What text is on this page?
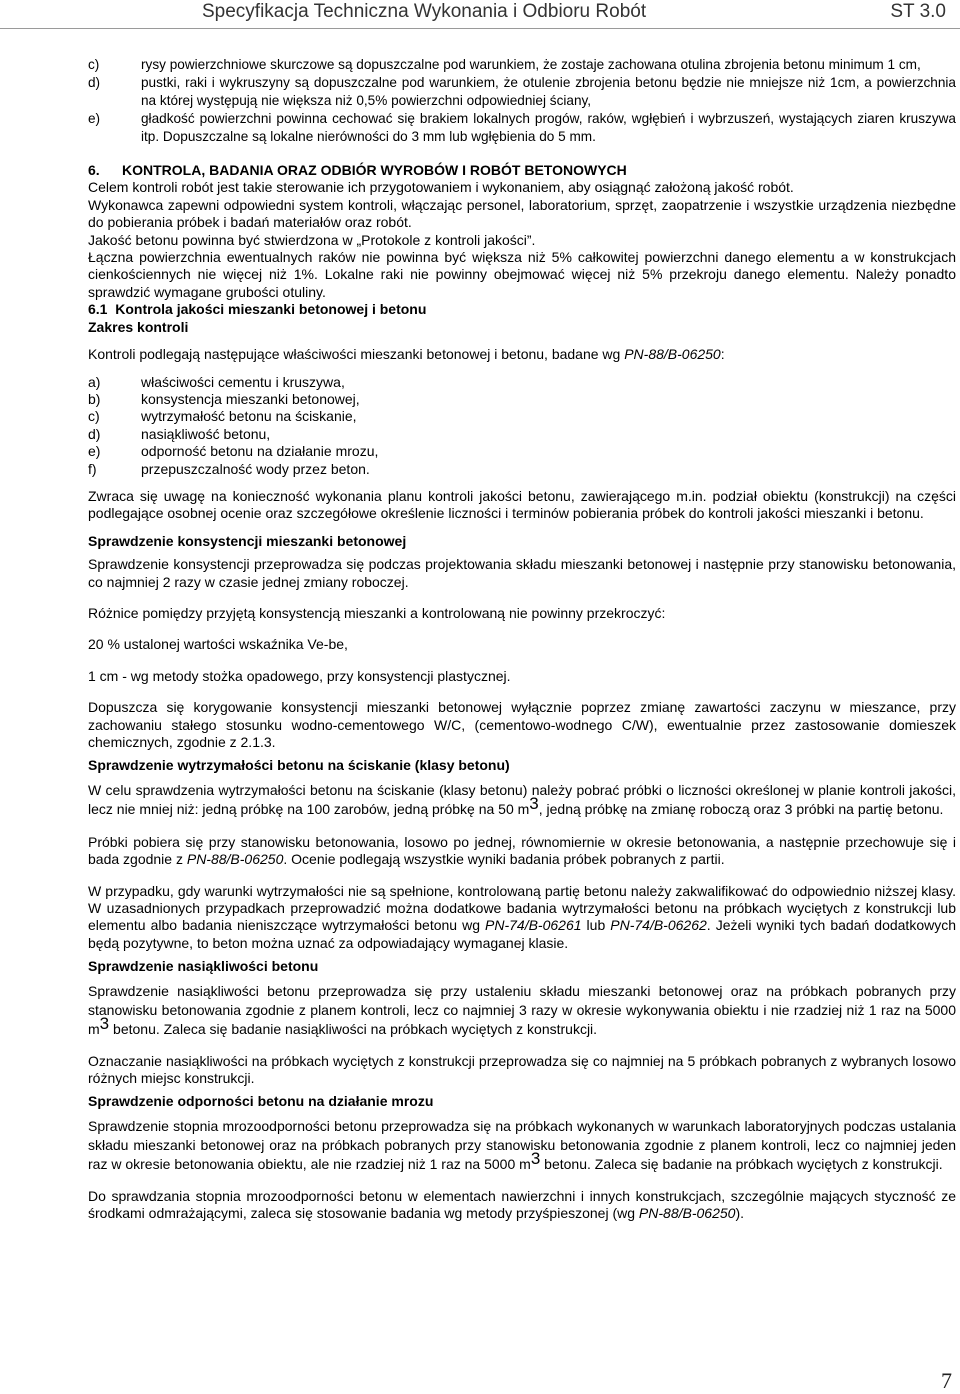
Specyfikacja Techniczna Wykonania i Odbioru Robót	ST 3.0
c)	rysy powierzchniowe skurczowe są dopuszczalne pod warunkiem, że zostaje zachowana otulina zbrojenia betonu minimum 1 cm,
d)	pustki, raki i wykruszyny są dopuszczalne pod warunkiem, że otulenie zbrojenia betonu będzie nie mniejsze niż 1cm, a powierzchnia na której występują nie większa niż 0,5% powierzchni odpowiedniej ściany,
e)	gładkość powierzchni powinna cechować się brakiem lokalnych progów, raków, wgłębień i wybrzuszeń, wystających ziaren kruszywa itp. Dopuszczalne są lokalne nierówności do 3 mm lub wgłębienia do 5 mm.
6. KONTROLA, BADANIA ORAZ ODBIÓR WYROBÓW I ROBÓT BETONOWYCH

Celem kontroli robót jest takie sterowanie ich przygotowaniem i wykonaniem, aby osiągnąć założoną jakość robót.

Wykonawca zapewni odpowiedni system kontroli, włączając personel, laboratorium, sprzęt, zaopatrzenie i wszystkie urządzenia niezbędne do pobierania próbek i badań materiałów oraz robót.

Jakość betonu powinna być stwierdzona w „Protokole z kontroli jakości”.

Łączna powierzchnia ewentualnych raków nie powinna być większa niż 5% całkowitej powierzchni danego elementu a w konstrukcjach cienkościennych nie więcej niż 1%. Lokalne raki nie powinny obejmować więcej niż 5% przekroju danego elementu. Należy ponadto sprawdzić wymagane grubości otuliny.

6.1 Kontrola jakości mieszanki betonowej i betonu
Zakres kontroli

Kontroli podlegają następujące właściwości mieszanki betonowej i betonu, badane wg PN-88/B-06250:

a)	właściwości cementu i kruszywa,
b)	konsystencja mieszanki betonowej,
c)	wytrzymałość betonu na ściskanie,
d)	nasiąkliwość betonu,
e)	odporność betonu na działanie mrozu,
f)	przepuszczalność wody przez beton.

Zwraca się uwagę na konieczność wykonania planu kontroli jakości betonu, zawierającego m.in. podział obiektu (konstrukcji) na części podlegające osobnej ocenie oraz szczegółowe określenie liczności i terminów pobierania próbek do kontroli jakości mieszanki i betonu.

Sprawdzenie konsystencji mieszanki betonowej

Sprawdzenie konsystencji przeprowadza się podczas projektowania składu mieszanki betonowej i następnie przy stanowisku betonowania, co najmniej 2 razy w czasie jednej zmiany roboczej.

Różnice pomiędzy przyjętą konsystencją mieszanki a kontrolowaną nie powinny przekroczyć:

20 % ustalonej wartości wskaźnika Ve-be,

1 cm - wg metody stożka opadowego, przy konsystencji plastycznej.

Dopuszcza się korygowanie konsystencji mieszanki betonowej wyłącznie poprzez zmianę zawartości zaczynu w mieszance, przy zachowaniu stałego stosunku wodno-cementowego W/C, (cementowo-wodnego C/W), ewentualnie przez zastosowanie domieszek chemicznych, zgodnie z 2.1.3.

Sprawdzenie wytrzymałości betonu na ściskanie (klasy betonu)

W celu sprawdzenia wytrzymałości betonu na ściskanie (klasy betonu) należy pobrać próbki o liczności określonej w planie kontroli jakości, lecz nie mniej niż: jedną próbkę na 100 zarobów, jedną próbkę na 50 $m^3$, jedną próbkę na zmianę roboczą oraz 3 próbki na partię betonu.

Próbki pobiera się przy stanowisku betonowania, losowo po jednej, równomiernie w okresie betonowania, a następnie przechowuje się i bada zgodnie z PN-88/B-06250. Ocenie podlegają wszystkie wyniki badania próbek pobranych z partii.

W przypadku, gdy warunki wytrzymałości nie są spełnione, kontrolowaną partię betonu należy zakwalifikować do odpowiednio niższej klasy. W uzasadnionych przypadkach przeprowadzić można dodatkowe badania wytrzymałości betonu na próbkach wyciętych z konstrukcji lub elementu albo badania nieniszczące wytrzymałości betonu wg PN-74/B-06261 lub PN-74/B-06262. Jeżeli wyniki tych badań dodatkowych będą pozytywne, to beton można uznać za odpowiadający wymaganej klasie.

Sprawdzenie nasiąkliwości betonu

Sprawdzenie nasiąkliwości betonu przeprowadza się przy ustaleniu składu mieszanki betonowej oraz na próbkach pobranych przy stanowisku betonowania zgodnie z planem kontroli, lecz co najmniej 3 razy w okresie wykonywania obiektu i nie rzadziej niż 1 raz na 5000 $m^3$ betonu. Zaleca się badanie nasiąkliwości na próbkach wyciętych z konstrukcji.

Oznaczanie nasiąkliwości na próbkach wyciętych z konstrukcji przeprowadza się co najmniej na 5 próbkach pobranych z wybranych losowo różnych miejsc konstrukcji.

Sprawdzenie odporności betonu na działanie mrozu

Sprawdzenie stopnia mrozoodporności betonu przeprowadza się na próbkach wykonanych w warunkach laboratoryjnych podczas ustalania składu mieszanki betonowej oraz na próbkach pobranych przy stanowisku betonowania zgodnie z planem kontroli, lecz co najmniej jeden raz w okresie betonowania obiektu, ale nie rzadziej niż 1 raz na 5000 $m^3$ betonu. Zaleca się badanie na próbkach wyciętych z konstrukcji.

Do sprawdzania stopnia mrozoodporności betonu w elementach nawierzchni i innych konstrukcjach, szczególnie mających styczność ze środkami odmrażającymi, zaleca się stosowanie badania wg metody przyśpieszonej (wg PN-88/B-06250).

7
